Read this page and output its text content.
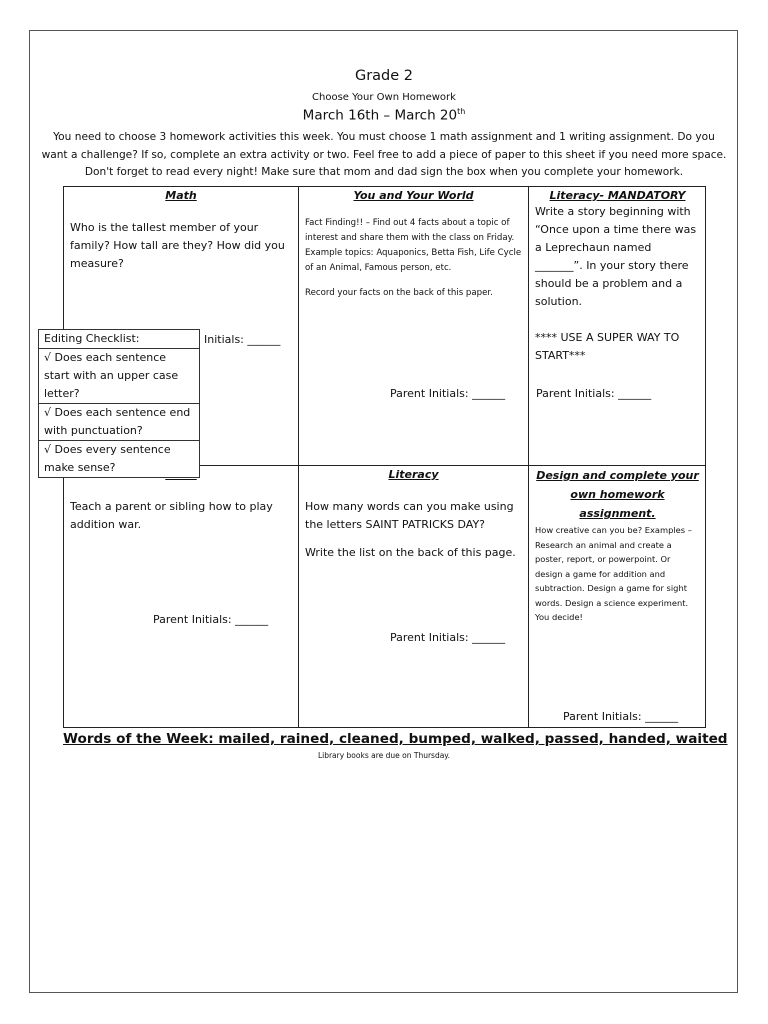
Grade 2
Choose Your Own Homework
March 16th – March 20th
You need to choose 3 homework activities this week. You must choose 1 math assignment and 1 writing assignment. Do you want a challenge? If so, complete an extra activity or two. Feel free to add a piece of paper to this sheet if you need more space. Don't forget to read every night! Make sure that mom and dad sign the box when you complete your homework.
Math
Who is the tallest member of your family? How tall are they? How did you measure?
Initials: ______
You and Your World
Fact Finding!! – Find out 4 facts about a topic of interest and share them with the class on Friday. Example topics: Aquaponics, Betta Fish, Life Cycle of an Animal, Famous person, etc.
Record your facts on the back of this paper.
Parent Initials: ______
Literacy- MANDATORY
Write a story beginning with “Once upon a time there was a Leprechaun named _______”. In your story there should be a problem and a solution.
**** USE A SUPER WAY TO START***
Parent Initials: ______
Teach a parent or sibling how to play addition war.
Parent Initials: ______
Literacy
How many words can you make using the letters SAINT PATRICKS DAY?
Write the list on the back of this page.
Parent Initials: ______
Design and complete your own homework assignment.
How creative can you be? Examples – Research an animal and create a poster, report, or powerpoint. Or design a game for addition and subtraction. Design a game for sight words. Design a science experiment. You decide!
Parent Initials: ______
Editing Checklist:
√ Does each sentence start with an upper case letter?
√ Does each sentence end with punctuation?
√ Does every sentence make sense?
Words of the Week: mailed, rained, cleaned, bumped, walked, passed, handed, waited
Library books are due on Thursday.
